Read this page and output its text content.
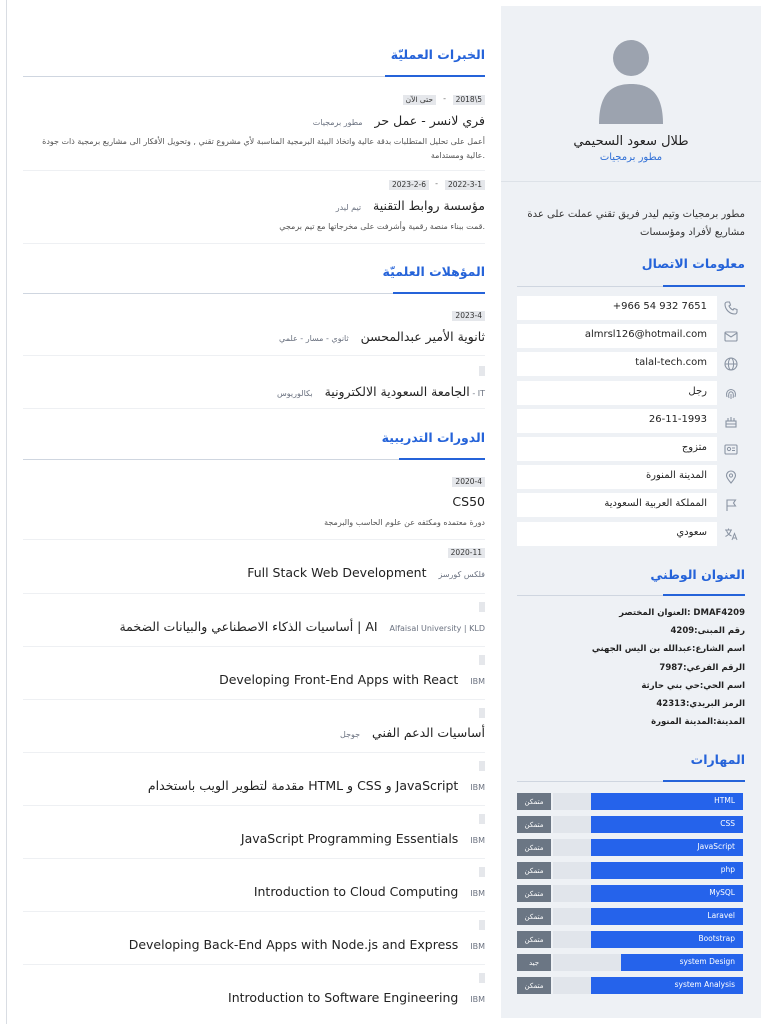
طلال سعود السحيمي
مطور برمجيات
مطور برمجيات وتيم ليدر فريق تقني عملت على عدة مشاريع لأفراد ومؤسسات
معلومات الاتصال
+966 54 932 7651
almrsl126@hotmail.com
talal-tech.com
رجل
26-11-1993
متزوج
المدينة المنورة
المملكة العربية السعودية
سعودي
العنوان الوطني
العنوان المختصر: DMAF4209
رقم المبنى:4209
اسم الشارع:عبدالله بن اليس الجهني
الرقم الفرعي:7987
اسم الحي:حي بني حارثة
الرمز البريدي:42313
المدينة:المدينة المنورة
المهارات
متمكن	HTML
متمكن	CSS
متمكن	JavaScript
متمكن	php
متمكن	MySQL
متمكن	Laravel
متمكن	Bootstrap
جيد	system Design
متمكن	system Analysis
الخبرات العمليّة
المؤهلات العلميّة
الدورات التدريبية
2018\5
-
حتى الآن
فري لانسر - عمل حر   مطور برمجيات
أعمل على تحليل المتطلبات بدقة عالية واتخاذ البيئة البرمجية المناسبة لأي مشروع تقني , وتحويل الأفكار الى مشاريع برمجية ذات جودة عالية ومستدامة.
2022-3-1
-
2023-2-6
مؤسسة روابط التقنية   تيم ليدر
قمت ببناء منصة رقمية وأشرفت على مخرجاتها مع تيم برمجي.
2023-4
ثانوية الأمير عبدالمحسن   ثانوي - مسار - علمي
الجامعة السعودية الالكترونية   بكالوريوس - IT
2020-4
CS50
دورة معتمده ومكثفه عن علوم الحاسب والبرمجة
2020-11
Full Stack Web Development فلكس كورسز
أساسيات الذكاء الاصطناعي والبيانات الضخمة | AI Alfaisal University | KLD
Developing Front-End Apps with React IBM
أساسيات الدعم الفني   جوجل
مقدمة لتطوير الويب باستخدام HTML و CSS و JavaScript IBM
JavaScript Programming Essentials IBM
Introduction to Cloud Computing IBM
Developing Back-End Apps with Node.js and Express IBM
Introduction to Software Engineering IBM
